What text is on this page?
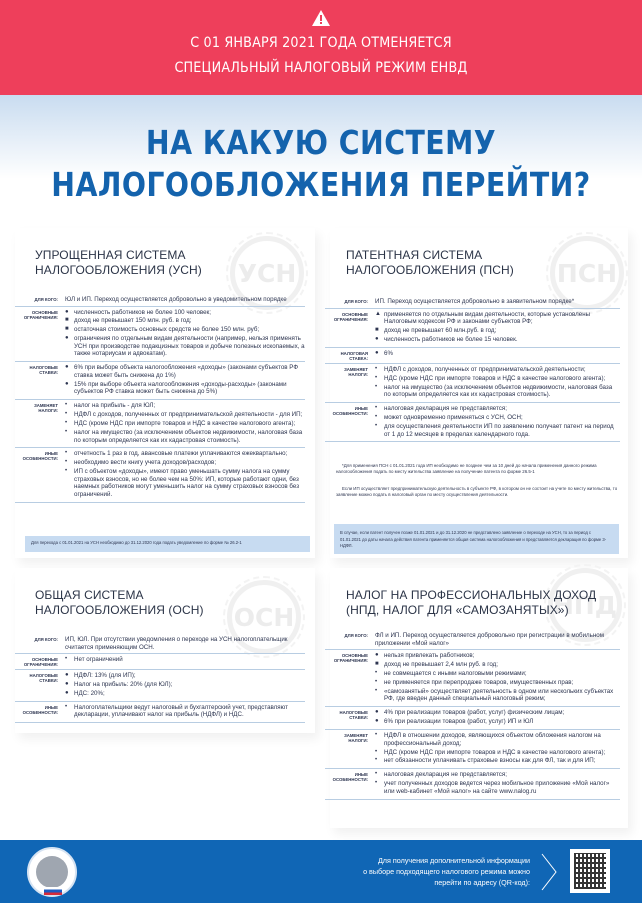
С 01 ЯНВАРЯ 2021 ГОДА ОТМЕНЯЕТСЯ
СПЕЦИАЛЬНЫЙ НАЛОГОВЫЙ РЕЖИМ ЕНВД
НА КАКУЮ СИСТЕМУ
НАЛОГООБЛОЖЕНИЯ ПЕРЕЙТИ?
УСН
УПРОЩЕННАЯ СИСТЕМА
НАЛОГООБЛОЖЕНИЯ (УСН)
ДЛЯ КОГО:	ЮЛ и ИП. Переход осуществляется добровольно в уведомительном порядке
ОСНОВНЫЕ ОГРАНИЧЕНИЯ:
● численность работников не более 100 человек;
■ доход не превышает 150 млн. руб. в год;
■ остаточная стоимость основных средств не более 150 млн. руб;
● ограничения по отдельным видам деятельности (например, нельзя применять УСН при производстве подакцизных товаров и добыче полезных ископаемых, а также нотариусам и адвокатам).
НАЛОГОВЫЕ СТАВКИ:
● 6% при выборе объекта налогообложения «доходы» (законами субъектов РФ ставка может быть снижена до 1%)
● 15% при выборе объекта налогообложения «доходы-расходы» (законами субъектов РФ ставка может быть снижена до 5%)
ЗАМЕНЯЕТ НАЛОГИ:
•	налог на прибыль - для ЮЛ;
•	НДФЛ с доходов, полученных от предпринимательской деятельности - для ИП;
•	НДС (кроме НДС при импорте товаров и НДС в качестве налогового агента);
•	налог на имущество (за исключением объектов недвижимости, налоговая база по которым определяется как их кадастровая стоимость).
ИНЫЕ ОСОБЕННОСТИ:
•	отчетность 1 раз в год, авансовые платежи уплачиваются ежеквартально;
•	необходимо вести книгу учета доходов/расходов;
•	ИП с объектом «доходы», имеют право уменьшать сумму налога на сумму страховых взносов, но не более чем на 50%: ИП, которые работают одни, без наемных работников могут уменьшить налог на сумму страховых взносов без ограничений.
Для перехода с 01.01.2021 на УСН необходимо до 31.12.2020 года подать уведомление по форме № 26.2-1
ПСН
ПАТЕНТНАЯ СИСТЕМА
НАЛОГООБЛОЖЕНИЯ (ПСН)
ДЛЯ КОГО:	ИП. Переход осуществляется добровольно в заявительном порядке*
ОСНОВНЫЕ ОГРАНИЧЕНИЯ:
▲ применяется по отдельным видам деятельности, которые установлены Налоговым кодексом РФ и законами субъектов РФ;
■ доход не превышает 60 млн.руб. в год;
● численность работников не более 15 человек.
НАЛОГОВАЯ СТАВКА:
● 6%
ЗАМЕНЯЕТ НАЛОГИ:
•	НДФЛ с доходов, полученных от предпринимательской деятельности;
•	НДС (кроме НДС при импорте товаров и НДС в качестве налогового агента);
•	налог на имущество (за исключением объектов недвижимости, налоговая база по которым определяется как их кадастровая стоимость).
ИНЫЕ ОСОБЕННОСТИ:
•	налоговая декларация не представляется;
•	может одновременно применяться с УСН, ОСН;
•	для осуществления деятельности ИП по заявлению получает патент на период от 1 до 12 месяцев в пределах календарного года.
*Для применения ПСН с 01.01.2021 года ИП необходимо не позднее чем за 10 дней до начала применения данного режима налогообложения подать по месту жительства заявление на получение патента по форме 26.5-1
Если ИП осуществляет предпринимательскую деятельность в субъекте РФ, в котором он не состоит на учете по месту жительства, то заявление можно подать в налоговый орган по месту осуществления деятельности.
В случае, если патент получен позже 01.01.2021 и до 31.12.2020 не представлено заявление о переходе на УСН, то за период с 01.01.2021 до даты начала действия патента применяется общая система налогообложения и представляется декларация по форме 3-НДФЛ.
ОСН
ОБЩАЯ СИСТЕМА
НАЛОГООБЛОЖЕНИЯ (ОСН)
ДЛЯ КОГО:	ИП, ЮЛ. При отсутствии уведомления о переходе на УСН налогоплательщик считается применяющим ОСН.
ОСНОВНЫЕ ОГРАНИЧЕНИЯ:
•	Нет ограничений
НАЛОГОВЫЕ СТАВКИ:
● НДФЛ: 13% (для ИП);
● Налог на прибыль: 20% (для ЮЛ);
● НДС: 20%;
ИНЫЕ ОСОБЕННОСТИ:
•	Налогоплательщики ведут налоговый и бухгалтерский учет, представляют декларации, уплачивают налог на прибыль (НДФЛ) и НДС.
НПД
НАЛОГ НА ПРОФЕССИОНАЛЬНЫХ ДОХОД
(НПД, НАЛОГ ДЛЯ «САМОЗАНЯТЫХ»)
ДЛЯ КОГО:	ФЛ и ИП. Переход осуществляется добровольно при регистрации в мобильном приложении «Мой налог»
ОСНОВНЫЕ ОГРАНИЧЕНИЯ:
● нельзя привлекать работников;
■ доход не превышает 2,4 млн руб. в год;
•	не совмещается с иными налоговыми режимами;
•	не применяется при перепродаже товаров, имущественных прав;
•	«самозанятый» осуществляет деятельность в одном или нескольких субъектах РФ, где введен данный специальный налоговый режим;
НАЛОГОВЫЕ СТАВКИ:
● 4% при реализации товаров (работ, услуг) физическим лицам;
● 6% при реализации товаров (работ, услуг) ИП и ЮЛ
ЗАМЕНЯЕТ НАЛОГИ:
•	НДФЛ в отношении доходов, являющихся объектом обложения налогом на профессиональный доход;
•	НДС (кроме НДС при импорте товаров и НДС в качестве налогового агента);
•	нет обязанности уплачивать страховые взносы как для ФЛ, так и для ИП;
ИНЫЕ ОСОБЕННОСТИ:
•	налоговая декларация не представляется;
•	учет полученных доходов ведется через мобильное приложение «Мой налог» или web-кабинет «Мой налог» на сайте www.nalog.ru
Для получения дополнительной информации
о выборе подходящего налогового режима можно
перейти по адресу (QR-код):
